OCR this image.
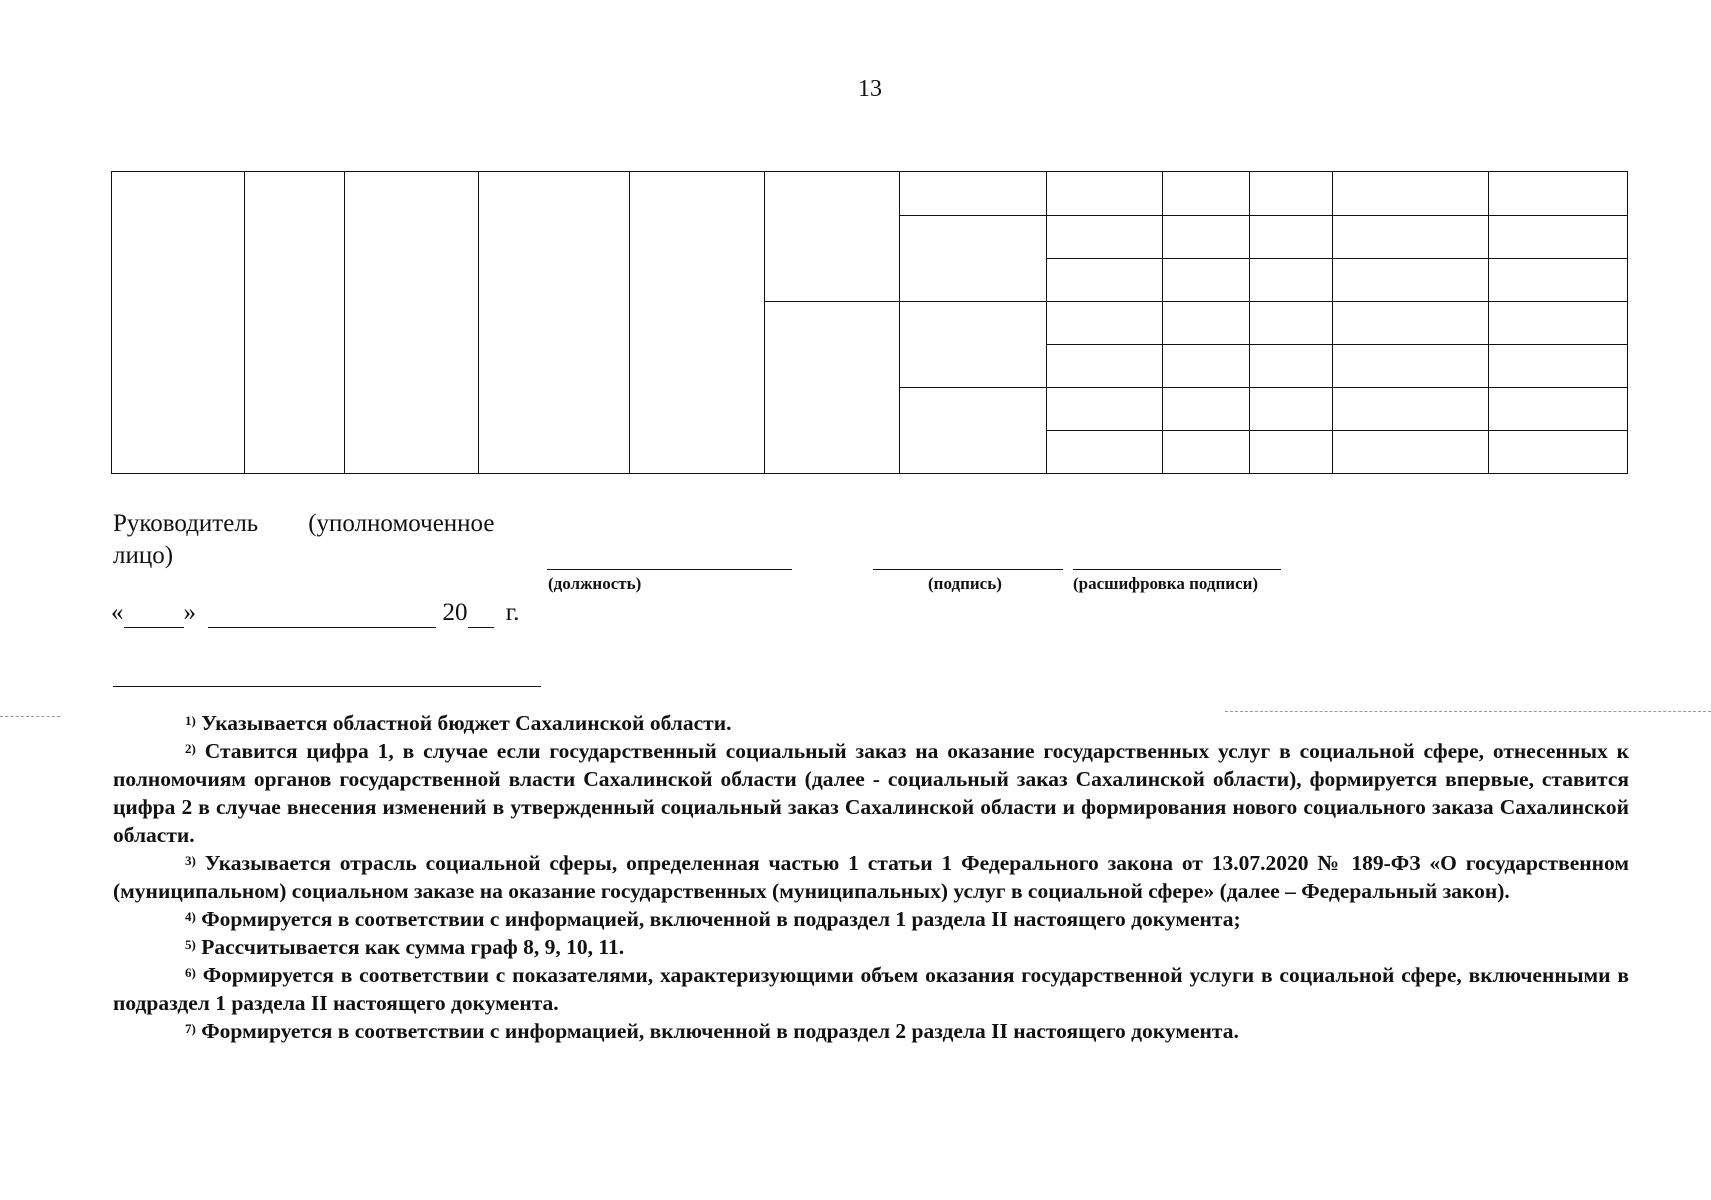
13
Руководитель (уполномоченное
лицо)
(должность)	(подпись)	(расшифровка подписи)
« »	20 г.

$^{1)}$ Указывается областной бюджет Сахалинской области.

$^{2)}$ Ставится цифра 1, в случае если государственный социальный заказ на оказание государственных услуг в социальной сфере, отнесенных к полномочиям органов государственной власти Сахалинской области (далее - социальный заказ Сахалинской области), формируется впервые, ставится цифра 2 в случае внесения изменений в утвержденный социальный заказ Сахалинской области и формирования нового социального заказа Сахалинской области.

$^{3)}$ Указывается отрасль социальной сферы, определенная частью 1 статьи 1 Федерального закона от 13.07.2020 № 189-ФЗ «О государственном (муниципальном) социальном заказе на оказание государственных (муниципальных) услуг в социальной сфере» (далее – Федеральный закон).

$^{4)}$ Формируется в соответствии с информацией, включенной в подраздел 1 раздела II настоящего документа;

$^{5)}$ Рассчитывается как сумма граф 8, 9, 10, 11.

$^{6)}$ Формируется в соответствии с показателями, характеризующими объем оказания государственной услуги в социальной сфере, включенными в подраздел 1 раздела II настоящего документа.

$^{7)}$ Формируется в соответствии с информацией, включенной в подраздел 2 раздела II настоящего документа.
